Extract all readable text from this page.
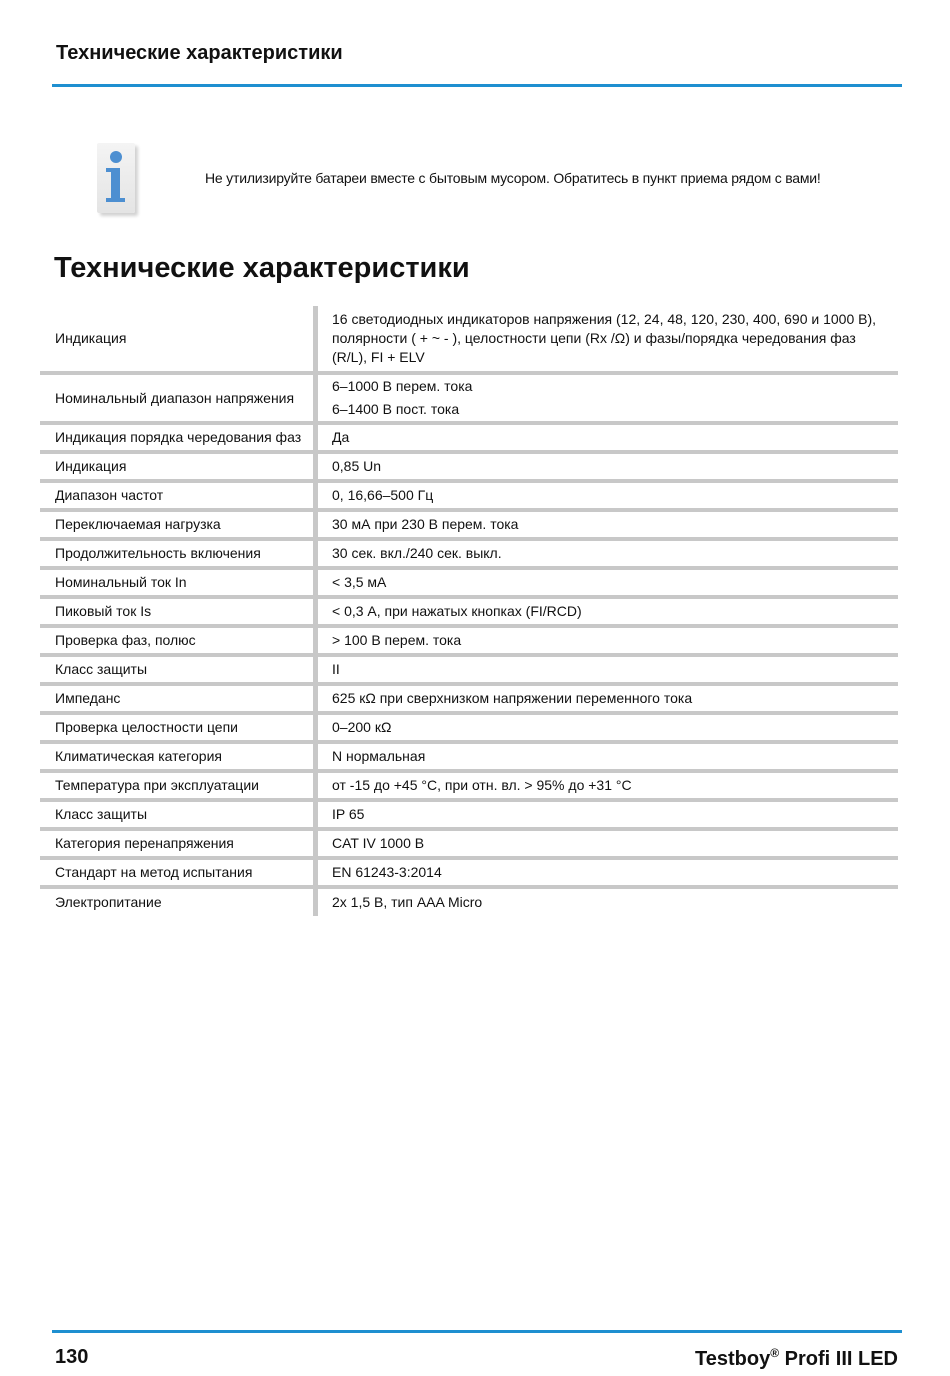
Технические характеристики
Не утилизируйте батареи вместе с бытовым мусором. Обратитесь в пункт приема рядом с вами!
Технические характеристики
Индикация	16 светодиодных индикаторов напряжения (12, 24, 48, 120, 230, 400, 690 и 1000 В), полярности ( + ~ - ), целостности цепи (Rx /Ω) и фазы/порядка чередования фаз (R/L), FI + ELV

Номинальный диапазон напряжения	6–1000 В перем. тока
6–1400 В пост. тока

Индикация порядка чередования фаз	Да

Индикация	0,85 Un

Диапазон частот	0, 16,66–500 Гц

Переключаемая нагрузка	30 мА при 230 В перем. тока

Продолжительность включения	30 сек. вкл./240 сек. выкл.

Номинальный ток In	< 3,5 мА

Пиковый ток Is	< 0,3 А, при нажатых кнопках (FI/RCD)

Проверка фаз, полюс	> 100 В перем. тока

Класс защиты	II

Импеданс	625 кΩ при сверхнизком напряжении переменного тока

Проверка целостности цепи	0–200 кΩ

Климатическая категория	N нормальная

Температура при эксплуатации	от -15 до +45 °С, при отн. вл. > 95% до +31 °С

Класс защиты	IP 65

Категория перенапряжения	CAT IV 1000 В

Стандарт на метод испытания	EN 61243-3:2014

Электропитание	2x 1,5 В, тип AAA Micro
130	Testboy® Profi III LED
